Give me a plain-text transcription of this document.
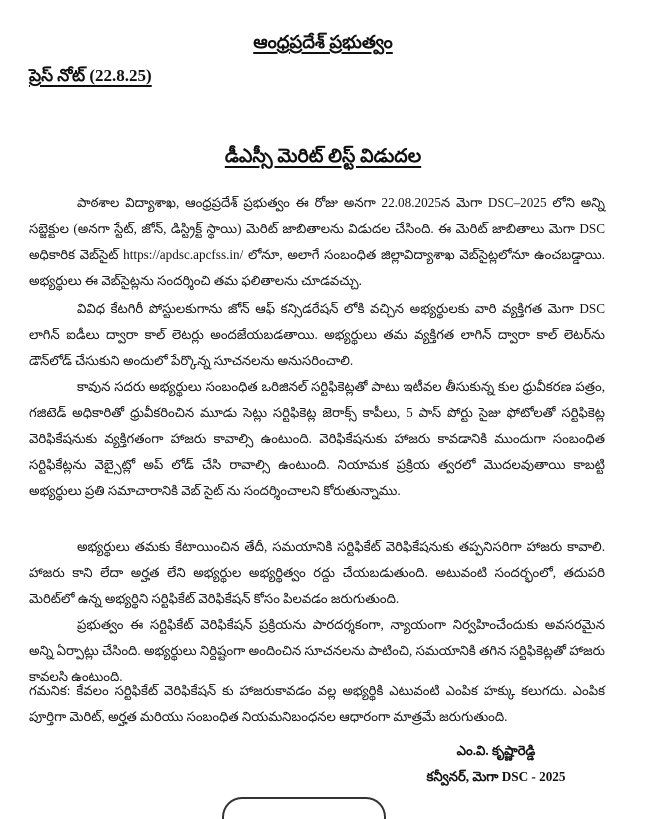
ఆంధ్రప్రదేశ్ ప్రభుత్వం
ప్రెస్ నోట్ (22.8.25)
డీఎస్సీ మెరిట్ లిస్ట్ విడుదల

పాఠశాల విద్యాశాఖ, ఆంధ్రప్రదేశ్ ప్రభుత్వం ఈ రోజు అనగా 22.08.2025న మెగా DSC–2025 లోని అన్ని సబ్జెక్టుల (అనగా స్టేట్, జోన్, డిస్ట్రిక్ట్ స్థాయి) మెరిట్ జాబితాలను విడుదల చేసింది. ఈ మెరిట్ జాబితాలు మెగా DSC అధికారిక వెబ్‌సైట్ https://apdsc.apcfss.in/ లోనూ, అలాగే సంబంధిత జిల్లావిద్యాశాఖ వెబ్‌సైట్లలోనూ ఉంచబడ్డాయి. అభ్యర్థులు ఈ వెబ్‌సైట్లను సందర్శించి తమ ఫలితాలను చూడవచ్చు.

వివిధ కేటగిరీ పోస్టులకుగాను జోన్ ఆఫ్ కన్సిడరేషన్ లోకి వచ్చిన అభ్యర్థులకు వారి వ్యక్తిగత మెగా DSC లాగిన్ ఐడీలు ద్వారా కాల్ లెటర్లు అందజేయబడతాయి. అభ్యర్థులు తమ వ్యక్తిగత లాగిన్ ద్వారా కాల్ లెటర్‌ను డౌన్‌లోడ్ చేసుకుని అందులో పేర్కొన్న సూచనలను అనుసరించాలి.

కావున సదరు అభ్యర్థులు సంబంధిత ఒరిజినల్ సర్టిఫికెట్లతో పాటు ఇటీవల తీసుకున్న కుల ధ్రువీకరణ పత్రం, గజిటెడ్ అధికారితో ధ్రువీకరించిన మూడు సెట్లు సర్టిఫికెట్ల జెరాక్స్ కాపీలు, 5 పాస్ పోర్టు సైజు ఫోటోలతో సర్టిఫికెట్ల వెరిఫికేషనుకు వ్యక్తిగతంగా హాజరు కావాల్సి ఉంటుంది. వెరిఫికేషనుకు హాజరు కావడానికి ముందుగా సంబంధిత సర్టిఫికేట్లను వెబ్సైట్లో అప్ లోడ్ చేసి రావాల్సి ఉంటుంది. నియామక ప్రక్రియ త్వరలో మొదలవుతాయి కాబట్టి అభ్యర్థులు ప్రతి సమాచారానికి వెబ్ సైట్ ను సందర్శించాలని కోరుతున్నాము.

అభ్యర్థులు తమకు కేటాయించిన తేదీ, సమయానికి సర్టిఫికేట్ వెరిఫికేషనుకు తప్పనిసరిగా హాజరు కావాలి. హాజరు కాని లేదా అర్హత లేని అభ్యర్థుల అభ్యర్థిత్వం రద్దు చేయబడుతుంది. అటువంటి సందర్భంలో, తదుపరి మెరిట్‌లో ఉన్న అభ్యర్థిని సర్టిఫికేట్ వెరిఫికేషన్ కోసం పిలవడం జరుగుతుంది.

ప్రభుత్వం ఈ సర్టిఫికేట్ వెరిఫికేషన్ ప్రక్రియను పారదర్శకంగా, న్యాయంగా నిర్వహించేందుకు అవసరమైన అన్ని ఏర్పాట్లు చేసింది. అభ్యర్థులు నిర్దిష్టంగా అందించిన సూచనలను పాటించి, సమయానికి తగిన సర్టిఫికెట్లతో హాజరు కావలసి ఉంటుంది.

గమనిక: కేవలం సర్టిఫికేట్ వెరిఫికేషన్ కు హాజరుకావడం వల్ల అభ్యర్థికి ఎటువంటి ఎంపిక హక్కు కలుగదు. ఎంపిక పూర్తిగా మెరిట్, అర్హత మరియు సంబంధిత నియమనిబంధనల ఆధారంగా మాత్రమే జరుగుతుంది.

ఎం.వి. కృష్ణారెడ్డి
కన్వీనర్, మెగా DSC - 2025
